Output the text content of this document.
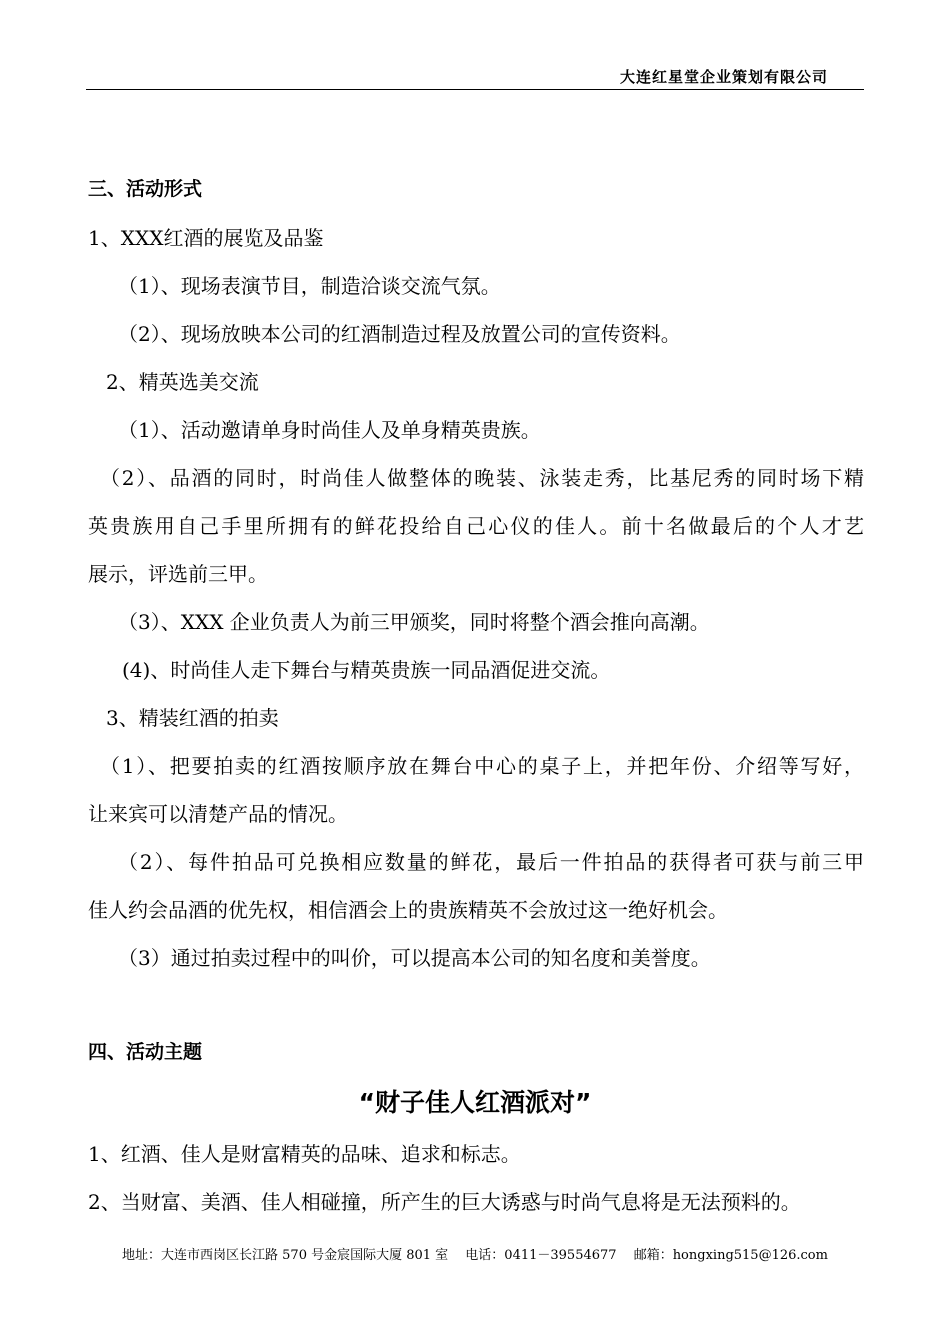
大连红星堂企业策划有限公司
三、活动形式
1、XXX红酒的展览及品鉴
（1）、现场表演节目，制造洽谈交流气氛。
（2）、现场放映本公司的红酒制造过程及放置公司的宣传资料。
2、精英选美交流
（1）、活动邀请单身时尚佳人及单身精英贵族。
（2）、品酒的同时，时尚佳人做整体的晚装、泳装走秀，比基尼秀的同时场下精
英贵族用自己手里所拥有的鲜花投给自己心仪的佳人。前十名做最后的个人才艺
展示，评选前三甲。
（3）、XXX 企业负责人为前三甲颁奖，同时将整个酒会推向高潮。
(4)、时尚佳人走下舞台与精英贵族一同品酒促进交流。
3、精装红酒的拍卖
（1）、把要拍卖的红酒按顺序放在舞台中心的桌子上，并把年份、介绍等写好，
让来宾可以清楚产品的情况。
（2）、每件拍品可兑换相应数量的鲜花，最后一件拍品的获得者可获与前三甲
佳人约会品酒的优先权，相信酒会上的贵族精英不会放过这一绝好机会。
（3）通过拍卖过程中的叫价，可以提高本公司的知名度和美誉度。
四、活动主题
“财子佳人红酒派对”
1、红酒、佳人是财富精英的品味、追求和标志。
2、当财富、美酒、佳人相碰撞，所产生的巨大诱惑与时尚气息将是无法预料的。
地址：大连市西岗区长江路 570 号金宸国际大厦 801 室　 电话：0411－39554677　 邮箱：hongxing515@126.com
